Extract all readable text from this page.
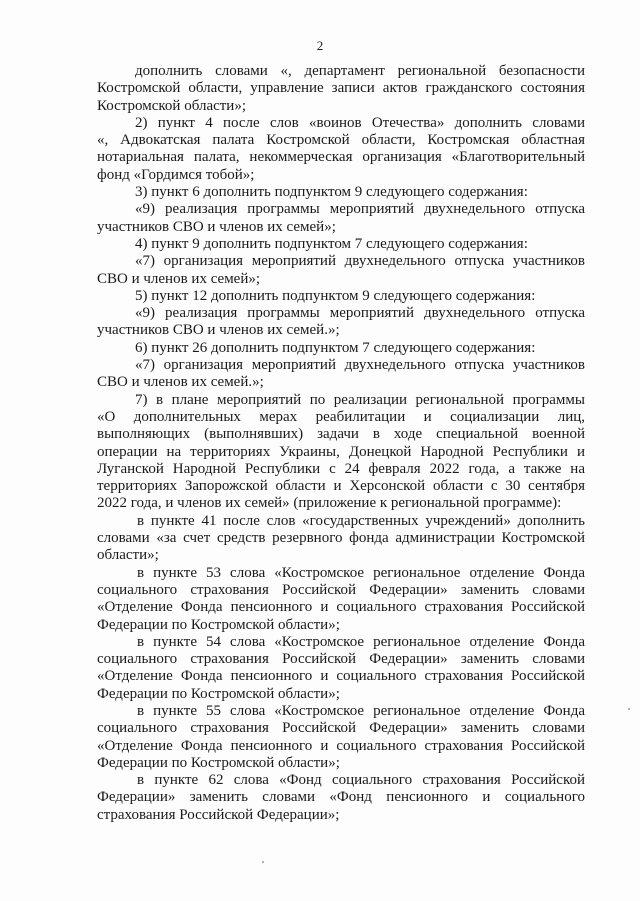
2
дополнить словами «, департамент региональной безопасности
Костромской области, управление записи актов гражданского состояния
Костромской области»;
2) пункт 4 после слов «воинов Отечества» дополнить словами
«, Адвокатская палата Костромской области, Костромская областная
нотариальная палата, некоммерческая организация «Благотворительный
фонд «Гордимся тобой»;
3) пункт 6 дополнить подпунктом 9 следующего содержания:
«9) реализация программы мероприятий двухнедельного отпуска
участников СВО и членов их семей»;
4) пункт 9 дополнить подпунктом 7 следующего содержания:
«7) организация мероприятий двухнедельного отпуска участников
СВО и членов их семей»;
5) пункт 12 дополнить подпунктом 9 следующего содержания:
«9) реализация программы мероприятий двухнедельного отпуска
участников СВО и членов их семей.»;
6) пункт 26 дополнить подпунктом 7 следующего содержания:
«7) организация мероприятий двухнедельного отпуска участников
СВО и членов их семей.»;
7) в плане мероприятий по реализации региональной программы
«О дополнительных мерах реабилитации и социализации лиц,
выполняющих (выполнявших) задачи в ходе специальной военной
операции на территориях Украины, Донецкой Народной Республики и
Луганской Народной Республики с 24 февраля 2022 года, а также на
территориях Запорожской области и Херсонской области с 30 сентября
2022 года, и членов их семей» (приложение к региональной программе):
в пункте 41 после слов «государственных учреждений» дополнить
словами «за счет средств резервного фонда администрации Костромской
области»;
в пункте 53 слова «Костромское региональное отделение Фонда
социального страхования Российской Федерации» заменить словами
«Отделение Фонда пенсионного и социального страхования Российской
Федерации по Костромской области»;
в пункте 54 слова «Костромское региональное отделение Фонда
социального страхования Российской Федерации» заменить словами
«Отделение Фонда пенсионного и социального страхования Российской
Федерации по Костромской области»;
в пункте 55 слова «Костромское региональное отделение Фонда
социального страхования Российской Федерации» заменить словами
«Отделение Фонда пенсионного и социального страхования Российской
Федерации по Костромской области»;
в пункте 62 слова «Фонд социального страхования Российской
Федерации» заменить словами «Фонд пенсионного и социального
страхования Российской Федерации»;
